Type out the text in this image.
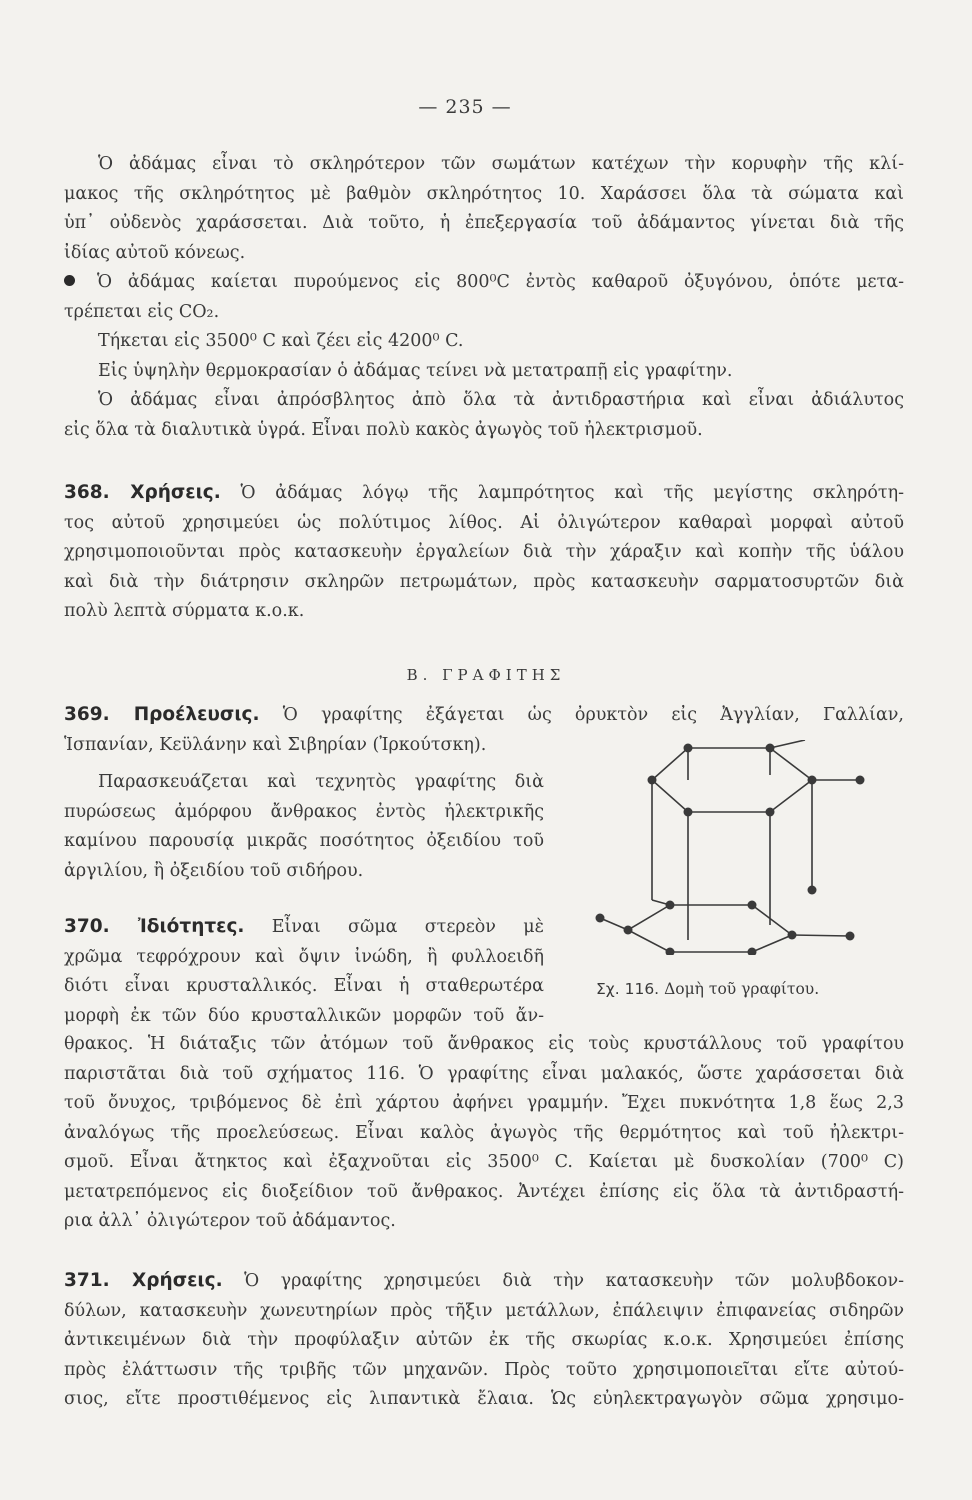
— 235 —
Ὁ ἀδάμας εἶναι τὸ σκληρότερον τῶν σωμάτων κατέχων τὴν κορυφὴν τῆς κλί-
μακος τῆς σκληρότητος μὲ βαθμὸν σκληρότητος 10. Χαράσσει ὅλα τὰ σώματα καὶ
ὑπ᾽ οὐδενὸς χαράσσεται. Διὰ τοῦτο, ἡ ἐπεξεργασία τοῦ ἀδάμαντος γίνεται διὰ τῆς
ἰδίας αὐτοῦ κόνεως.
Ὁ ἀδάμας καίεται πυρούμενος εἰς 800⁰C ἐντὸς καθαροῦ ὀξυγόνου, ὁπότε μετα-
τρέπεται εἰς CO₂.
Τήκεται εἰς 3500⁰ C καὶ ζέει εἰς 4200⁰ C.
Εἰς ὑψηλὴν θερμοκρασίαν ὁ ἀδάμας τείνει νὰ μετατραπῇ εἰς γραφίτην.
Ὁ ἀδάμας εἶναι ἀπρόσβλητος ἀπὸ ὅλα τὰ ἀντιδραστήρια καὶ εἶναι ἀδιάλυτος
εἰς ὅλα τὰ διαλυτικὰ ὑγρά. Εἶναι πολὺ κακὸς ἀγωγὸς τοῦ ἠλεκτρισμοῦ.
368. Χρήσεις. Ὁ ἀδάμας λόγῳ τῆς λαμπρότητος καὶ τῆς μεγίστης σκληρότη-
τος αὐτοῦ χρησιμεύει ὡς πολύτιμος λίθος. Αἱ ὀλιγώτερον καθαραὶ μορφαὶ αὐτοῦ
χρησιμοποιοῦνται πρὸς κατασκευὴν ἐργαλείων διὰ τὴν χάραξιν καὶ κοπὴν τῆς ὑάλου
καὶ διὰ τὴν διάτρησιν σκληρῶν πετρωμάτων, πρὸς κατασκευὴν σαρματοσυρτῶν διὰ
πολὺ λεπτὰ σύρματα κ.ο.κ.
Β. ΓΡΑΦΙΤΗΣ
369. Προέλευσις. Ὁ γραφίτης ἐξάγεται ὡς ὀρυκτὸν εἰς Ἀγγλίαν, Γαλλίαν,
Ἱσπανίαν, Κεϋλάνην καὶ Σιβηρίαν (Ἰρκούτσκη).
Παρασκευάζεται καὶ τεχνητὸς γραφίτης διὰ
πυρώσεως ἀμόρφου ἄνθρακος ἐντὸς ἠλεκτρικῆς
καμίνου παρουσίᾳ μικρᾶς ποσότητος ὀξειδίου τοῦ
ἀργιλίου, ἢ ὀξειδίου τοῦ σιδήρου.
Σχ. 116. Δομὴ τοῦ γραφίτου.
370. Ἰδιότητες. Εἶναι σῶμα στερεὸν μὲ
χρῶμα τεφρόχρουν καὶ ὄψιν ἰνώδη, ἢ φυλλοειδῆ
διότι εἶναι κρυσταλλικός. Εἶναι ἡ σταθερωτέρα
μορφὴ ἐκ τῶν δύο κρυσταλλικῶν μορφῶν τοῦ ἄν-
θρακος. Ἡ διάταξις τῶν ἀτόμων τοῦ ἄνθρακος εἰς τοὺς κρυστάλλους τοῦ γραφίτου
παριστᾶται διὰ τοῦ σχήματος 116. Ὁ γραφίτης εἶναι μαλακός, ὥστε χαράσσεται διὰ
τοῦ ὄνυχος, τριβόμενος δὲ ἐπὶ χάρτου ἀφήνει γραμμήν. Ἔχει πυκνότητα 1,8 ἕως 2,3
ἀναλόγως τῆς προελεύσεως. Εἶναι καλὸς ἀγωγὸς τῆς θερμότητος καὶ τοῦ ἠλεκτρι-
σμοῦ. Εἶναι ἄτηκτος καὶ ἐξαχνοῦται εἰς 3500⁰ C. Καίεται μὲ δυσκολίαν (700⁰ C)
μετατρεπόμενος εἰς διοξείδιον τοῦ ἄνθρακος. Ἀντέχει ἐπίσης εἰς ὅλα τὰ ἀντιδραστή-
ρια ἀλλ᾽ ὀλιγώτερον τοῦ ἀδάμαντος.
371. Χρήσεις. Ὁ γραφίτης χρησιμεύει διὰ τὴν κατασκευὴν τῶν μολυβδοκον-
δύλων, κατασκευὴν χωνευτηρίων πρὸς τῆξιν μετάλλων, ἐπάλειψιν ἐπιφανείας σιδηρῶν
ἀντικειμένων διὰ τὴν προφύλαξιν αὐτῶν ἐκ τῆς σκωρίας κ.ο.κ. Χρησιμεύει ἐπίσης
πρὸς ἐλάττωσιν τῆς τριβῆς τῶν μηχανῶν. Πρὸς τοῦτο χρησιμοποιεῖται εἴτε αὐτού-
σιος, εἴτε προστιθέμενος εἰς λιπαντικὰ ἔλαια. Ὡς εὐηλεκτραγωγὸν σῶμα χρησιμο-
